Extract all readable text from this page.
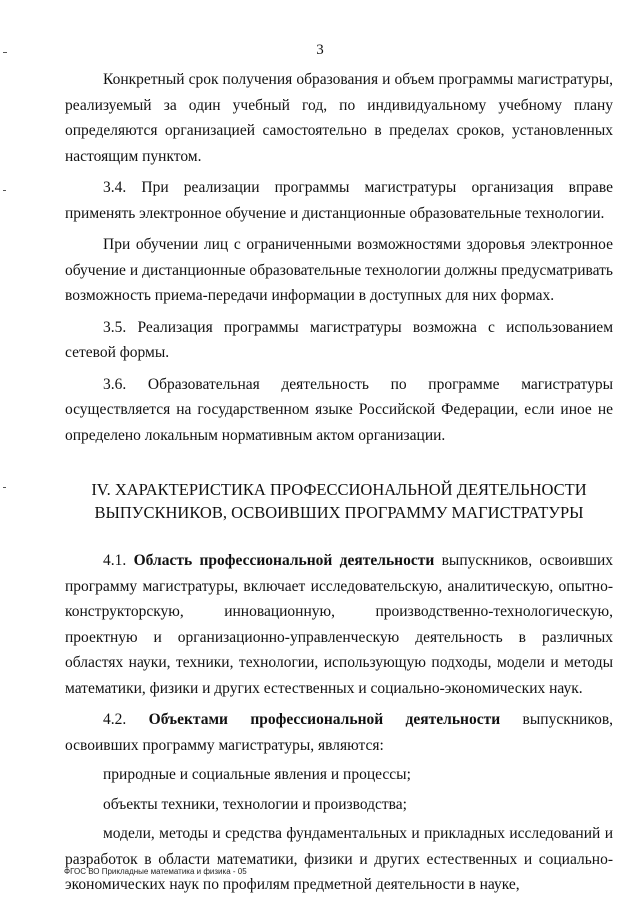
3

Конкретный срок получения образования и объем программы магистратуры, реализуемый за один учебный год, по индивидуальному учебному плану определяются организацией самостоятельно в пределах сроков, установленных настоящим пунктом.

3.4. При реализации программы магистратуры организация вправе применять электронное обучение и дистанционные образовательные технологии.

При обучении лиц с ограниченными возможностями здоровья электронное обучение и дистанционные образовательные технологии должны предусматривать возможность приема-передачи информации в доступных для них формах.

3.5. Реализация программы магистратуры возможна с использованием сетевой формы.

3.6. Образовательная деятельность по программе магистратуры осуществляется на государственном языке Российской Федерации, если иное не определено локальным нормативным актом организации.

IV. ХАРАКТЕРИСТИКА ПРОФЕССИОНАЛЬНОЙ ДЕЯТЕЛЬНОСТИ ВЫПУСКНИКОВ, ОСВОИВШИХ ПРОГРАММУ МАГИСТРАТУРЫ

4.1. Область профессиональной деятельности выпускников, освоивших программу магистратуры, включает исследовательскую, аналитическую, опытно-конструкторскую, инновационную, производственно-технологическую, проектную и организационно-управленческую деятельность в различных областях науки, техники, технологии, использующую подходы, модели и методы математики, физики и других естественных и социально-экономических наук.

4.2. Объектами профессиональной деятельности выпускников, освоивших программу магистратуры, являются:

природные и социальные явления и процессы;

объекты техники, технологии и производства;

модели, методы и средства фундаментальных и прикладных исследований и разработок в области математики, физики и других естественных и социально-экономических наук по профилям предметной деятельности в науке,

ФГОС ВО Прикладные математика и физика - 05
